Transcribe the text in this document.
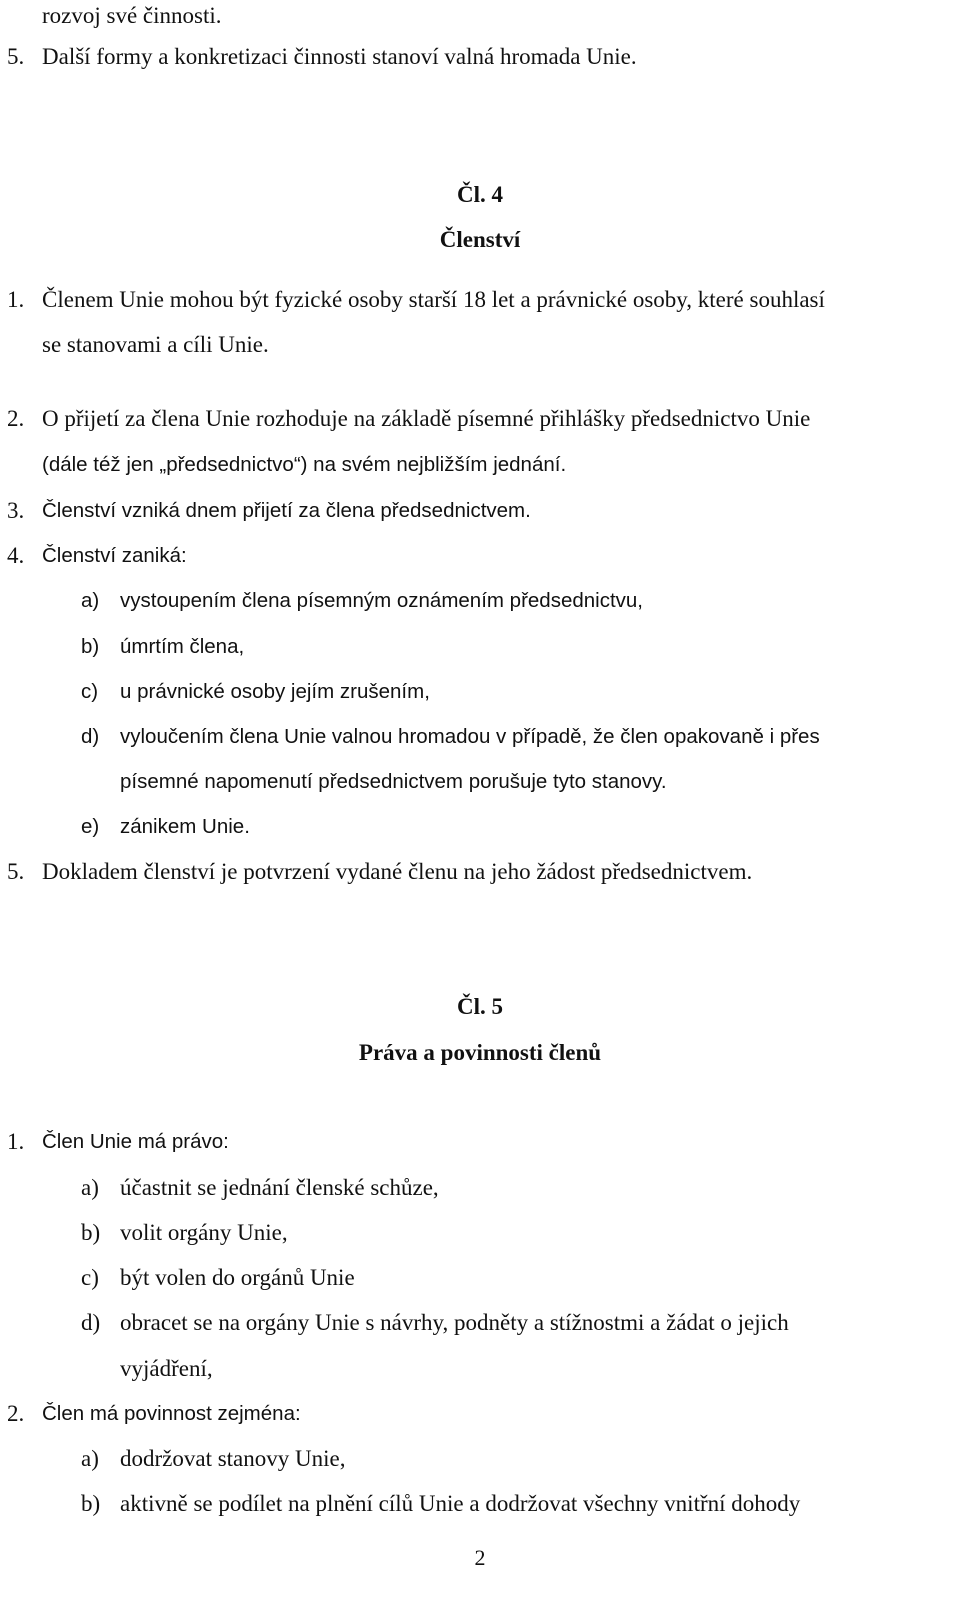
rozvoj své činnosti.
5. Další formy a konkretizaci činnosti stanoví valná hromada Unie.
Čl. 4
Členství
1. Členem Unie mohou být fyzické osoby starší 18 let a právnické osoby, které souhlasí
se stanovami a cíli Unie.
2. O přijetí za člena Unie rozhoduje na základě písemné přihlášky předsednictvo Unie
(dále též jen „předsednictvo“) na svém nejbližším jednání.
3. Členství vzniká dnem přijetí za člena předsednictvem.
4. Členství zaniká:
a) vystoupením člena písemným oznámením předsednictvu,
b) úmrtím člena,
c) u právnické osoby jejím zrušením,
d) vyloučením člena Unie valnou hromadou v případě, že člen opakovaně i přes
písemné napomenutí předsednictvem porušuje tyto stanovy.
e) zánikem Unie.
5. Dokladem členství je potvrzení vydané členu na jeho žádost předsednictvem.
Čl. 5
Práva a povinnosti členů
1. Člen Unie má právo:
a) účastnit se jednání členské schůze,
b) volit orgány Unie,
c) být volen do orgánů Unie
d) obracet se na orgány Unie s návrhy, podněty a stížnostmi a žádat o jejich
vyjádření,
2. Člen má povinnost zejména:
a) dodržovat stanovy Unie,
b) aktivně se podílet na plnění cílů Unie a dodržovat všechny vnitřní dohody
2
